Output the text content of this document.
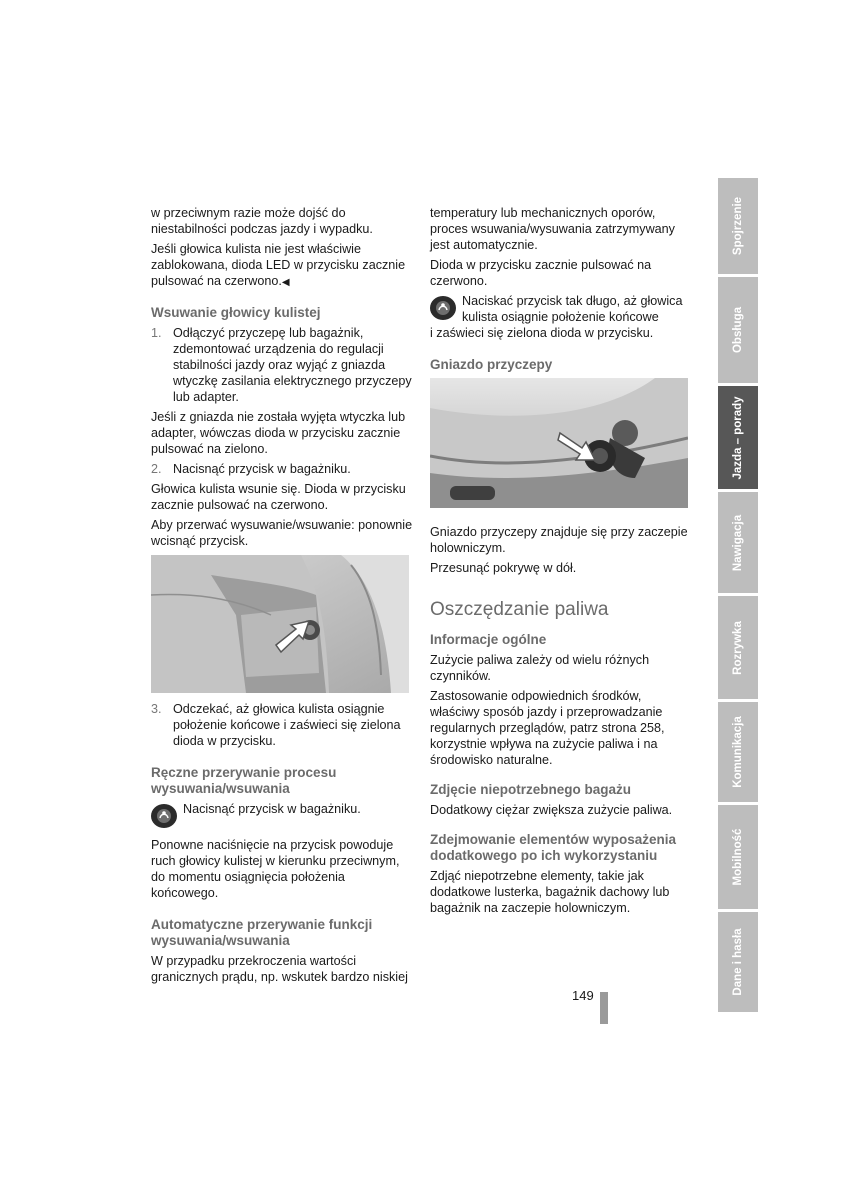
w przeciwnym razie może dojść do niestabilności podczas jazdy i wypadku.

Jeśli głowica kulista nie jest właściwie zablokowana, dioda LED w przycisku zacznie pulsować na czerwono.◀

Wsuwanie głowicy kulistej
1. Odłączyć przyczepę lub bagażnik, zdemontować urządzenia do regulacji stabilności jazdy oraz wyjąć z gniazda wtyczkę zasilania elektrycznego przyczepy lub adapter.

Jeśli z gniazda nie została wyjęta wtyczka lub adapter, wówczas dioda w przycisku zacznie pulsować na zielono.

2. Nacisnąć przycisk w bagażniku.

Głowica kulista wsunie się. Dioda w przycisku zacznie pulsować na czerwono.

Aby przerwać wysuwanie/wsuwanie: ponownie wcisnąć przycisk.

3. Odczekać, aż głowica kulista osiągnie położenie końcowe i zaświeci się zielona dioda w przycisku.
Ręczne przerywanie procesu wysuwania/wsuwania
Nacisnąć przycisk w bagażniku.

Ponowne naciśnięcie na przycisk powoduje ruch głowicy kulistej w kierunku przeciwnym, do momentu osiągnięcia położenia końcowego.

Automatyczne przerywanie funkcji wysuwania/wsuwania

W przypadku przekroczenia wartości granicznych prądu, np. wskutek bardzo niskiej

temperatury lub mechanicznych oporów, proces wsuwania/wysuwania zatrzymywany jest automatycznie.

Dioda w przycisku zacznie pulsować na czerwono.

Naciskać przycisk tak długo, aż głowica kulista osiągnie położenie końcowe

i zaświeci się zielona dioda w przycisku.

Gniazdo przyczepy

Gniazdo przyczepy znajduje się przy zaczepie holowniczym.

Przesunąć pokrywę w dół.

Oszczędzanie paliwa
Informacje ogólne

Zużycie paliwa zależy od wielu różnych czynników.

Zastosowanie odpowiednich środków, właściwy sposób jazdy i przeprowadzanie regularnych przeglądów, patrz strona 258, korzystnie wpływa na zużycie paliwa i na środowisko naturalne.

Zdjęcie niepotrzebnego bagażu

Dodatkowy ciężar zwiększa zużycie paliwa.

Zdejmowanie elementów wyposażenia dodatkowego po ich wykorzystaniu

Zdjąć niepotrzebne elementy, takie jak dodatkowe lusterka, bagażnik dachowy lub bagażnik na zaczepie holowniczym.

Spojrzenie
Obsługa
Jazda – porady
Nawigacja
Rozrywka
Komunikacja
Mobilność
Dane i hasła
149
